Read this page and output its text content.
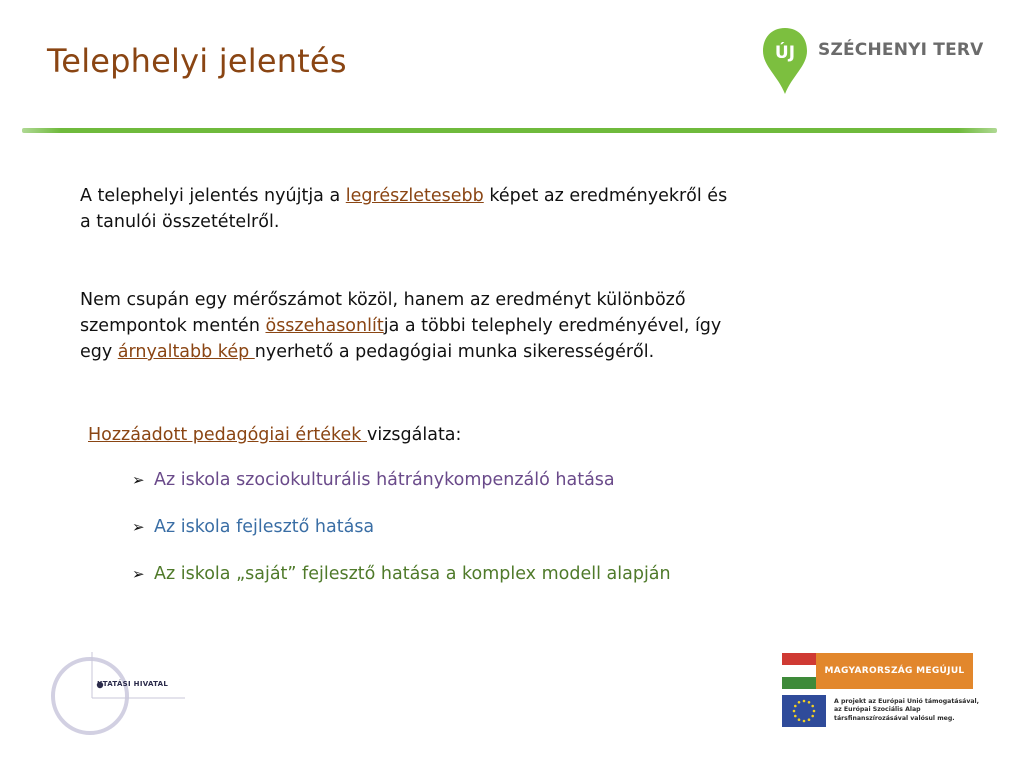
Telephelyi jelentés	ÚJ SZÉCHENYI TERV

A telephelyi jelentés nyújtja a legrészletesebb képet az eredményekről és
a tanulói összetételről.

Nem csupán egy mérőszámot közöl, hanem az eredményt különböző
szempontok mentén összehasonlítja a többi telephely eredményével, így
egy árnyaltabb kép nyerhető a pedagógiai munka sikerességéről.

Hozzáadott pedagógiai értékek vizsgálata:
➢ Az iskola szociokulturális hátránykompenzáló hatása
➢ Az iskola fejlesztő hatása
➢ Az iskola „saját” fejlesztő hatása a komplex modell alapján
KTATÁSI HIVATAL
MAGYARORSZÁG MEGÚJUL
A projekt az Európai Unió támogatásával,
az Európai Szociális Alap
társfinanszírozásával valósul meg.
